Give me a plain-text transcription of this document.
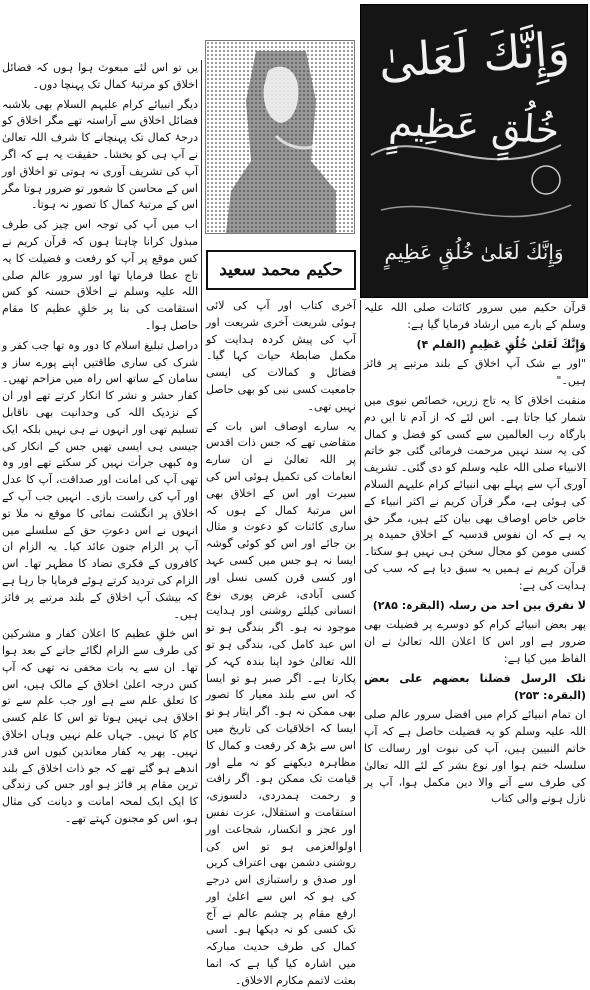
وَإِنَّكَ لَعَلىٰ
خُلُقٍ عَظِيمٍ
وَإِنَّكَ لَعَلىٰ خُلُقٍ عَظِيمٍ
حکیم محمد سعید

یں تو اس لئے مبعوث ہوا ہوں کہ فضائل اخلاق کو مرتبۂ کمال تک پہنچا دوں۔

دیگر انبیائے کرام علیہم السلام بھی بلاشبہ فضائل اخلاق سے آراستہ تھے مگر اخلاق کو درجۂ کمال تک پہنچانے کا شرف اللہ تعالیٰ نے آپ ہی کو بخشا۔ حقیقت یہ ہے کہ اگر آپ کی تشریف آوری نہ ہوتی تو اخلاق اور اس کے محاسن کا شعور تو ضرور ہوتا مگر اس کے مرتبۂ کمال کا تصور نہ ہوتا۔

اب میں آپ کی توجہ اس چیز کی طرف مبذول کرانا چاہتا ہوں کہ قرآن کریم نے کس موقع پر آپ کو رفعت و فضیلت کا یہ تاج عطا فرمایا تھا اور سرور عالم صلی اللہ علیہ وسلم نے اخلاق حسنہ کو کس استقامت کی بنا پر خلقِ عظیم کا مقام حاصل ہوا۔

دراصل تبلیغ اسلام کا دور وہ تھا جب کفر و شرک کی ساری طاقتیں اپنے پورے ساز و سامان کے ساتھ اس راہ میں مزاحم تھیں۔ کفار حشر و نشر کا انکار کرتے تھے اور ان کے نزدیک اللہ کی وحدانیت بھی ناقابل تسلیم تھی اور انہوں نے ہی نہیں بلکہ ایک جیسی ہی ایسی تھیں جس کے انکار کی وہ کبھی جرأت نہیں کر سکتے تھے اور وہ تھی آپ کی امانت اور صداقت، آپ کا عدل اور آپ کی راست بازی۔ انہیں جب آپ کے اخلاق پر انگشت نمائی کا موقع نہ ملا تو انہوں نے اس دعوتِ حق کے سلسلے میں آپ پر الزام جنون عائد کیا۔ یہ الزام ان کافروں کے فکری تضاد کا مظہر تھا۔ اس الزام کی تردید کرتے ہوئے فرمایا جا رہا ہے کہ بیشک آپ اخلاق کے بلند مرتبے پر فائز ہیں۔

اس خلقِ عظیم کا اعلان کفار و مشرکین کی طرف سے الزام لگائے جانے کے بعد ہوا تھا۔ ان سے یہ بات مخفی نہ تھی کہ آپ کس درجہ اعلیٰ اخلاق کے مالک ہیں، اس کا تعلق علم سے ہے اور جب علم سے تو اخلاق ہی نہیں ہوتا تو اس کا علم کسی کام کا نہیں۔ جہاں علم نہیں وہاں اخلاق نہیں۔ پھر یہ کفار معاندین کیوں اس قدر اندھے ہو گئے تھے کہ جو ذات اخلاق کے بلند ترین مقام پر فائز ہو اور جس کی زندگی کا ایک ایک لمحہ امانت و دیانت کی مثال ہو، اس کو مجنون کہتے تھے۔

آخری کتاب اور آپ کی لائی ہوئی شریعت آخری شریعت اور آپ کی پیش کردہ ہدایت کو مکمل ضابطۂ حیات کہا گیا۔ فضائل و کمالات کی ایسی جامعیت کسی نبی کو بھی حاصل نہیں تھی۔

یہ سارے اوصاف اس بات کے متقاضی تھے کہ جس ذات اقدس پر اللہ تعالیٰ نے ان سارے انعامات کی تکمیل ہوئی اس کی سیرت اور اس کے اخلاق بھی اس مرتبۂ کمال کے ہوں کہ ساری کائنات کو دعوت و مثال بن جائے اور اس کو کوئی گوشہ ایسا نہ ہو جس میں کسی عہد اور کسی قرن کسی نسل اور کسی آبادی، غرض پوری نوع انسانی کیلئے روشنی اور ہدایت موجود نہ ہو۔ اگر بندگی ہو تو اس عبد کامل کی، بندگی ہو تو اللہ تعالیٰ خود اپنا بندہ کہہ کر پکارتا ہے۔ اگر صبر ہو تو ایسا کہ اس سے بلند معیار کا تصور بھی ممکن نہ ہو۔ اگر ایثار ہو تو ایسا کہ اخلاقیات کی تاریخ میں اس سے بڑھ کر رفعت و کمال کا مظاہرہ دیکھنے کو نہ ملے اور قیامت تک ممکن ہو۔ اگر رافت و رحمت ہمدردی، دلسوزی، استقامت و استقلال، عزت نفس اور عجز و انکسار، شجاعت اور اولوالعزمی ہو تو اس کی روشنی دشمن بھی اعتراف کریں اور صدق و راستبازی اس درجے کی ہو کہ اس سے اعلیٰ اور ارفع مقام پر چشم عالم نے آج تک کسی کو نہ دیکھا ہو۔ اسی کمال کی طرف حدیث مبارکہ میں اشارہ کیا گیا ہے کہ انما بعثت لاتمم مکارم الاخلاق۔

قرآن حکیم میں سرور کائنات صلی اللہ علیہ وسلم کے بارے میں ارشاد فرمایا گیا ہے:

وَإِنَّكَ لَعَلىٰ خُلُقٍ عَظِيمٍ (القلم ۴)

"اور بے شک آپ اخلاق کے بلند مرتبے پر فائز ہیں۔"

منقبت اخلاق کا یہ تاج زریں، خصائص نبوی میں شمار کیا جاتا ہے۔ اس لئے کہ از آدم تا ایں دم بارگاہ رب العالمین سے کسی کو فضل و کمال کی یہ سند نہیں مرحمت فرمائی گئی جو خاتم الانبیاء صلی اللہ علیہ وسلم کو دی گئی۔ تشریف آوری آپ سے پہلے بھی انبیائے کرام علیہم السلام کی ہوئی ہے، مگر قرآن کریم نے اکثر انبیاء کے خاص خاص اوصاف بھی بیان کئے ہیں، مگر حق یہ ہے کہ ان نفوس قدسیہ کے اخلاق حمیدہ پر کسی مومن کو مجال سخن ہی نہیں ہو سکتا۔ قرآن کریم نے ہمیں یہ سبق دیا ہے کہ سب کی ہدایت کی ہے:

لا نفرق بین احد من رسلہ (البقرہ: ۲۸۵)

پھر بعض انبیائے کرام کو دوسرے پر فضیلت بھی ضرور ہے اور اس کا اعلان اللہ تعالیٰ نے ان الفاظ میں کیا ہے:

تلک الرسل فضلنا بعضھم علی بعض (البقرہ: ۲۵۳)

ان تمام انبیائے کرام میں افضل سرور عالم صلی اللہ علیہ وسلم کو یہ فضیلت حاصل ہے کہ آپ خاتم النبیین ہیں، آپ کی نبوت اور رسالت کا سلسلہ ختم ہوا اور نوع بشر کے لئے اللہ تعالیٰ کی طرف سے آنے والا دین مکمل ہوا، آپ پر نازل ہونے والی کتاب
